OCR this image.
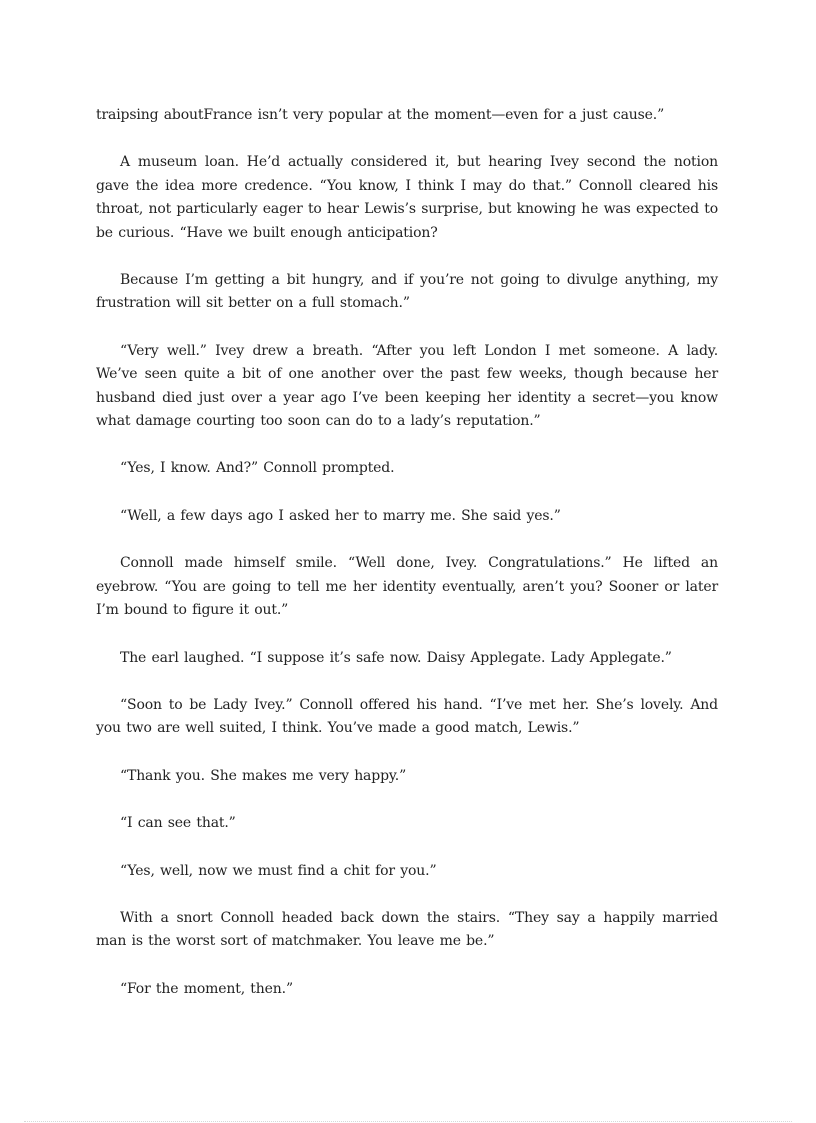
traipsing aboutFrance isn’t very popular at the moment—even for a just cause.”

A museum loan. He’d actually considered it, but hearing Ivey second the notion gave the idea more credence. “You know, I think I may do that.” Connoll cleared his throat, not particularly eager to hear Lewis’s surprise, but knowing he was expected to be curious. “Have we built enough anticipation?

Because I’m getting a bit hungry, and if you’re not going to divulge anything, my frustration will sit better on a full stomach.”

“Very well.” Ivey drew a breath. “After you left London I met someone. A lady. We’ve seen quite a bit of one another over the past few weeks, though because her husband died just over a year ago I’ve been keeping her identity a secret—you know what damage courting too soon can do to a lady’s reputation.”

“Yes, I know. And?” Connoll prompted.

“Well, a few days ago I asked her to marry me. She said yes.”

Connoll made himself smile. “Well done, Ivey. Congratulations.” He lifted an eyebrow. “You are going to tell me her identity eventually, aren’t you? Sooner or later I’m bound to figure it out.”

The earl laughed. “I suppose it’s safe now. Daisy Applegate. Lady Applegate.”

“Soon to be Lady Ivey.” Connoll offered his hand. “I’ve met her. She’s lovely. And you two are well suited, I think. You’ve made a good match, Lewis.”

“Thank you. She makes me very happy.”

“I can see that.”

“Yes, well, now we must find a chit for you.”

With a snort Connoll headed back down the stairs. “They say a happily married man is the worst sort of matchmaker. You leave me be.”

“For the moment, then.”
